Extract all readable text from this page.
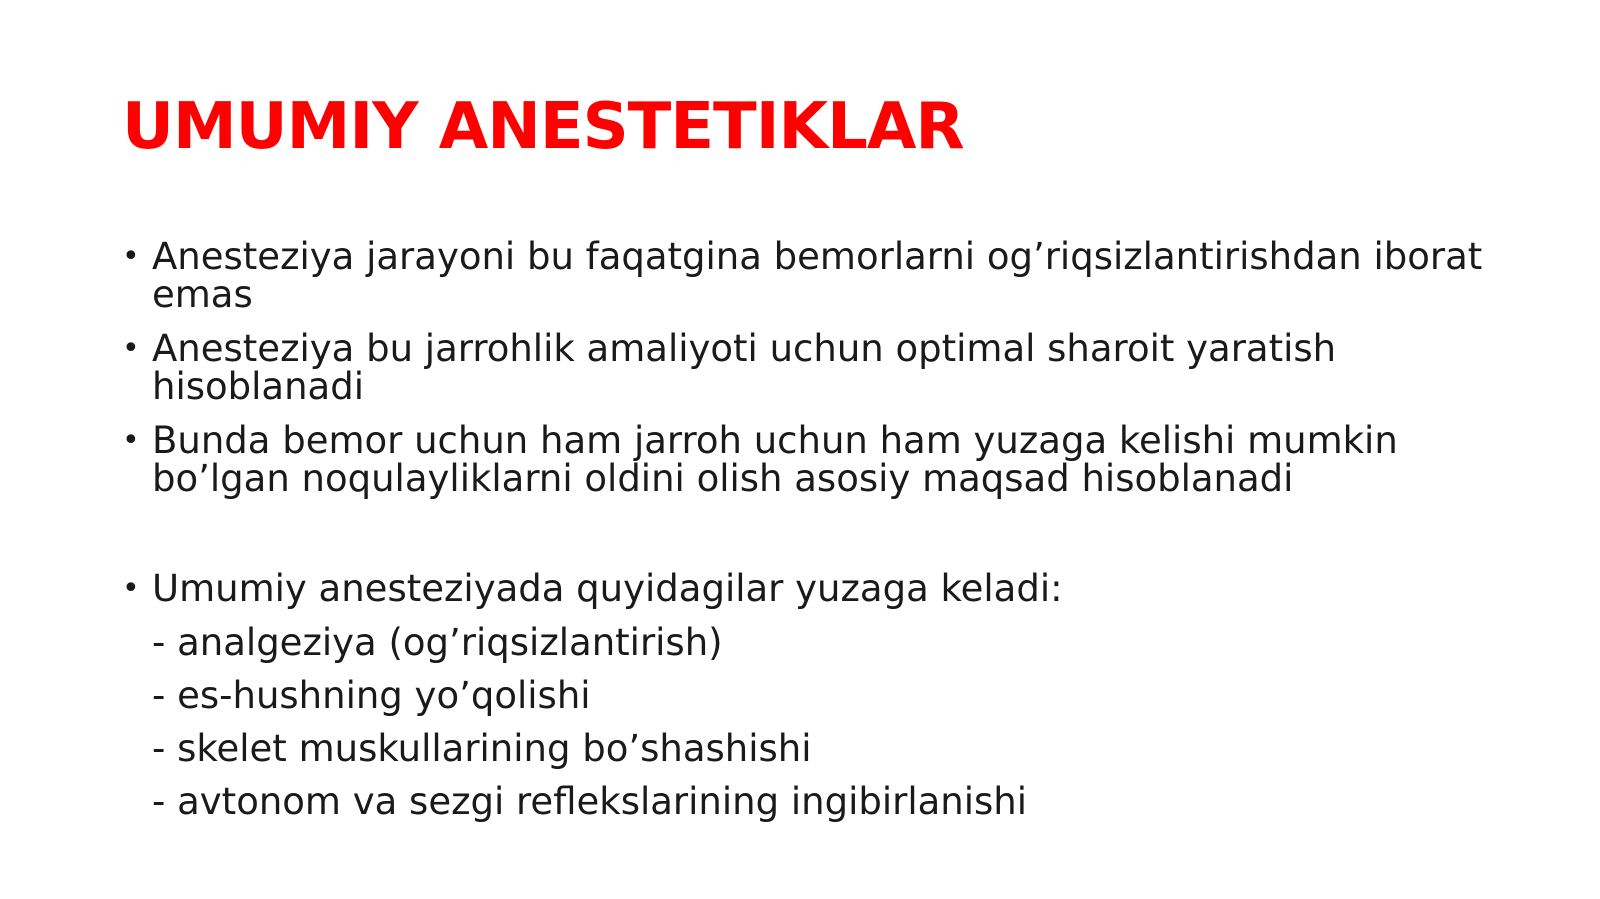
UMUMIY ANESTETIKLAR
• Anesteziya jarayoni bu faqatgina bemorlarni og’riqsizlantirishdan iborat emas
• Anesteziya bu jarrohlik amaliyoti uchun optimal sharoit yaratish hisoblanadi
• Bunda bemor uchun ham jarroh uchun ham yuzaga kelishi mumkin bo’lgan noqulayliklarni oldini olish asosiy maqsad hisoblanadi
• Umumiy anesteziyada quyidagilar yuzaga keladi:
- analgeziya (og’riqsizlantirish)
- es-hushning yo’qolishi
- skelet muskullarining bo’shashishi
- avtonom va sezgi reflekslarining ingibirlanishi
